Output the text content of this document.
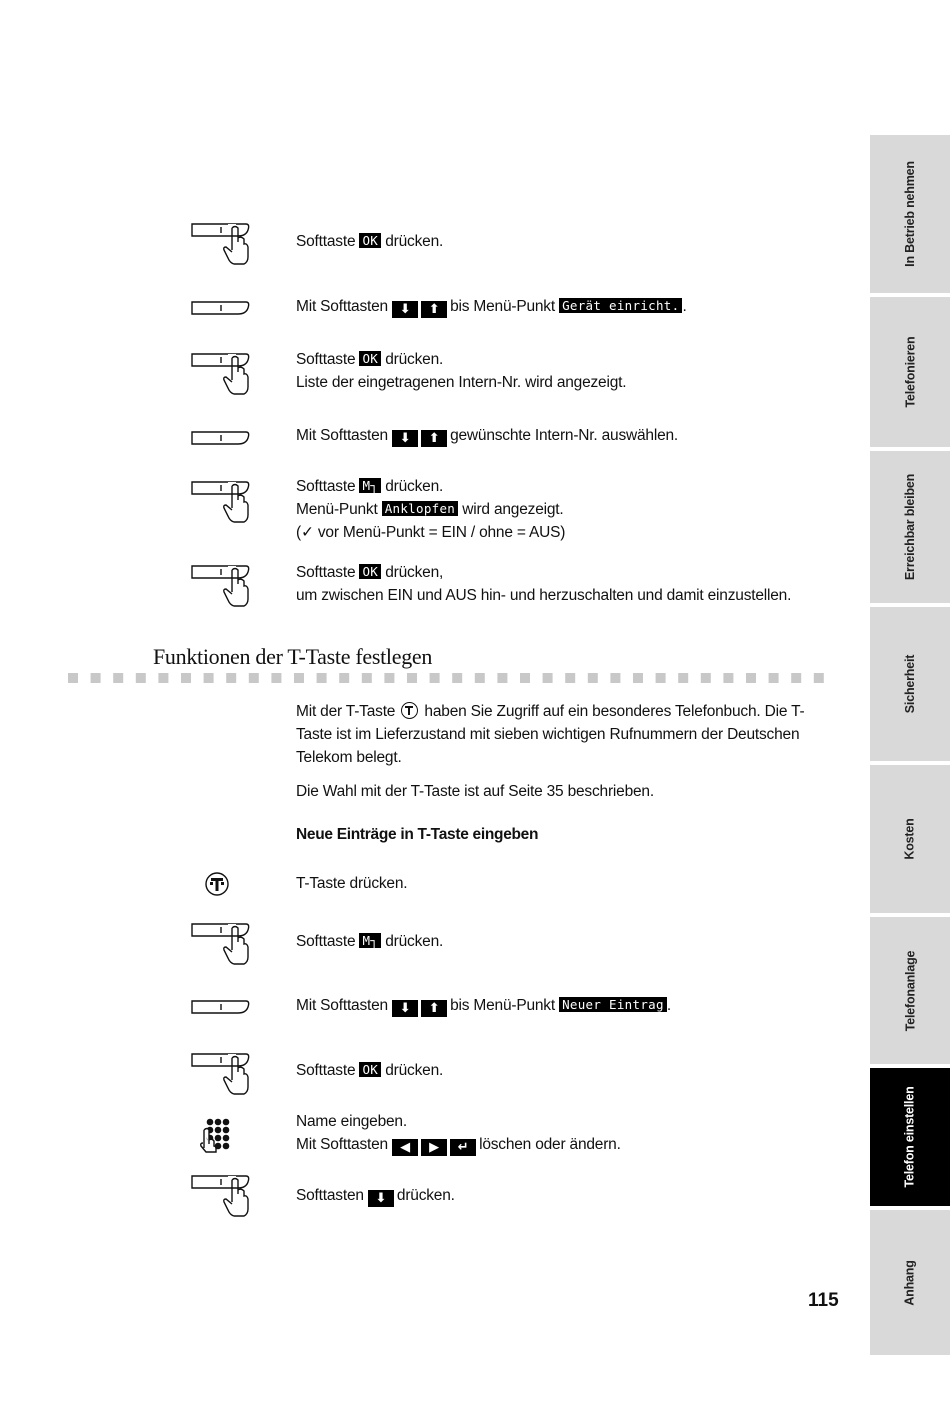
Softtaste OK drücken.
Mit Softtasten ⬇ ⬆ bis Menü-Punkt Gerät einricht. .
Softtaste OK drücken.
Liste der eingetragenen Intern-Nr. wird angezeigt.
Mit Softtasten ⬇ ⬆ gewünschte Intern-Nr. auswählen.
Softtaste M┐ drücken.
Menü-Punkt Anklopfen wird angezeigt.
(✓ vor Menü-Punkt = EIN / ohne = AUS)
Softtaste OK drücken,
um zwischen EIN und AUS hin- und herzuschalten und damit einzustellen.
Funktionen der T-Taste festlegen
Mit der T-Taste  haben Sie Zugriff auf ein besonderes Telefonbuch. Die T-Taste ist im Lieferzustand mit sieben wichtigen Rufnummern der Deutschen Telekom belegt.
Die Wahl mit der T-Taste ist auf Seite 35 beschrieben.
Neue Einträge in T-Taste eingeben
T-Taste drücken.
Softtaste M┐ drücken.
Mit Softtasten ⬇ ⬆ bis Menü-Punkt Neuer Eintrag .
Softtaste OK drücken.
Name eingeben.
Mit Softtasten ◀ ▶ ↵ löschen oder ändern.
Softtasten ⬇ drücken.
In Betrieb nehmen
Telefonieren
Erreichbar bleiben
Sicherheit
Kosten
Telefonanlage
Telefon einstellen
Anhang
115
